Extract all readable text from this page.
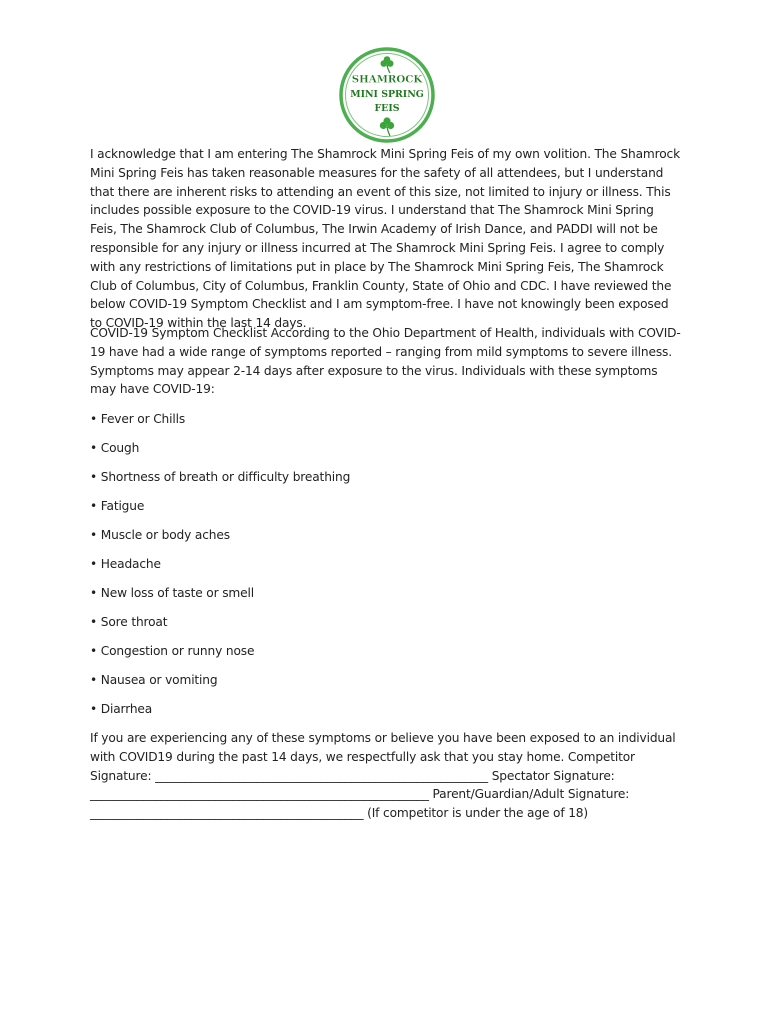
SHAMROCK
MINI SPRING
FEIS

I acknowledge that I am entering The Shamrock Mini Spring Feis of my own volition. The Shamrock Mini Spring Feis has taken reasonable measures for the safety of all attendees, but I understand that there are inherent risks to attending an event of this size, not limited to injury or illness. This includes possible exposure to the COVID-19 virus. I understand that The Shamrock Mini Spring Feis, The Shamrock Club of Columbus, The Irwin Academy of Irish Dance, and PADDI will not be responsible for any injury or illness incurred at The Shamrock Mini Spring Feis. I agree to comply with any restrictions of limitations put in place by The Shamrock Mini Spring Feis, The Shamrock Club of Columbus, City of Columbus, Franklin County, State of Ohio and CDC. I have reviewed the below COVID-19 Symptom Checklist and I am symptom-free. I have not knowingly been exposed to COVID-19 within the last 14 days.

COVID-19 Symptom Checklist According to the Ohio Department of Health, individuals with COVID-19 have had a wide range of symptoms reported – ranging from mild symptoms to severe illness. Symptoms may appear 2-14 days after exposure to the virus. Individuals with these symptoms may have COVID-19:

• Fever or Chills
• Cough
• Shortness of breath or difficulty breathing
• Fatigue
• Muscle or body aches
• Headache
• New loss of taste or smell
• Sore throat
• Congestion or runny nose
• Nausea or vomiting
• Diarrhea

If you are experiencing any of these symptoms or believe you have been exposed to an individual with COVID19 during the past 14 days, we respectfully ask that you stay home. Competitor Signature: ________________________________________________________ Spectator Signature: _________________________________________________________ Parent/Guardian/Adult Signature: ______________________________________________ (If competitor is under the age of 18)
